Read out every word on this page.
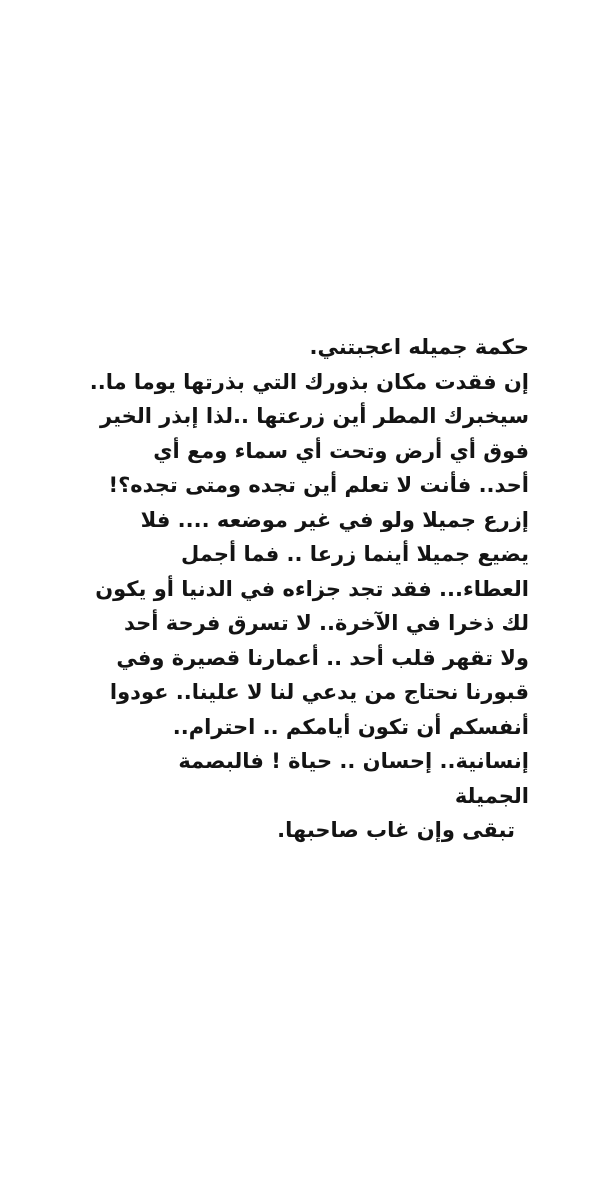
حكمة جميله اعجبتني.
إن فقدت مكان بذورك التي بذرتها يوما ما..
سيخبرك المطر أين زرعتها ..لذا إبذر الخير
فوق أي أرض وتحت أي سماء ومع أي
أحد.. فأنت لا تعلم أين تجده ومتى تجده؟!
إزرع جميلا ولو في غير موضعه .... فلا
يضيع جميلا أينما زرعا .. فما أجمل
العطاء... فقد تجد جزاءه في الدنيا أو يكون
لك ذخرا في الآخرة.. لا تسرق فرحة أحد
ولا تقهر قلب أحد .. أعمارنا قصيرة وفي
قبورنا نحتاج من يدعي لنا لا علينا.. عودوا
أنفسكم أن تكون أيامكم .. احترام..
إنسانية.. إحسان .. حياة ! فالبصمة
الجميلة
تبقى وإن غاب صاحبها.
